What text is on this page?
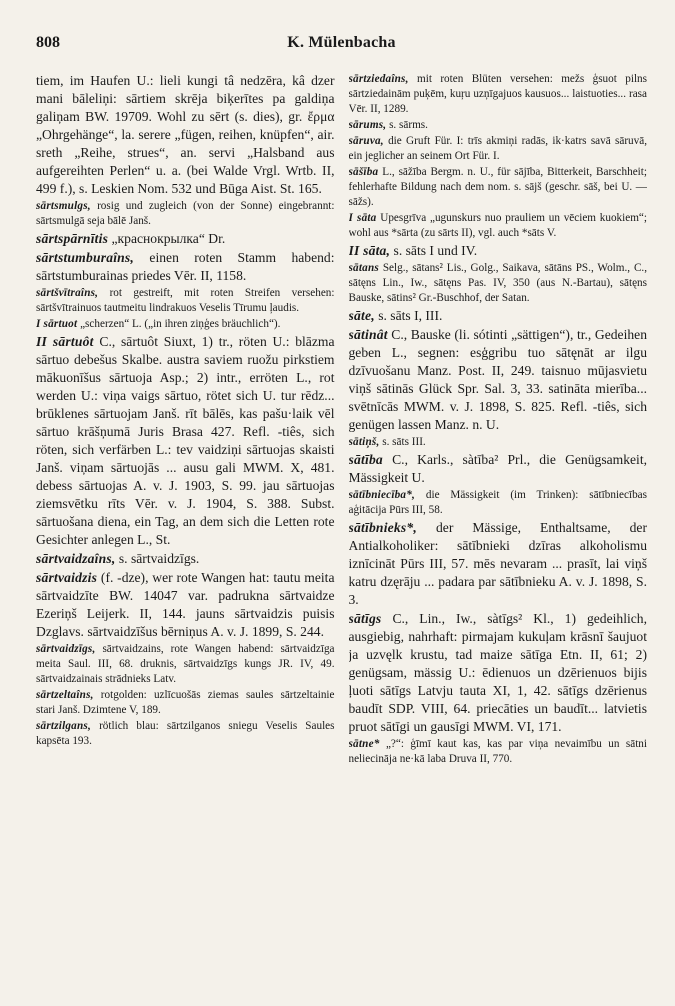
808	K. Mülenbacha

tiem, im Haufen U.: lieli kungi tâ nedzēra, kâ dzer mani bāleliņi: sārtiem skrēja biķerītes pa galdiņa galiņam BW. 19709. Wohl zu sērt (s. dies), gr. ἔρμα „Ohrgehänge“, la. serere „fügen, reihen, knüpfen“, air. sreth „Reihe, strues“, an. servi „Halsband aus aufgereihten Perlen“ u. a. (bei Walde Vrgl. Wrtb. II, 499 f.), s. Leskien Nom. 532 und Būga Aist. St. 165.

sārtsmulgs, rosig und zugleich (von der Sonne) eingebrannt: sārtsmulgā seja bālē Janš.

sārtspārnītis „краснокрылка“ Dr.

sārtstumburaîns, einen roten Stamm habend: sārtstumburainas priedes Vēr. II, 1158.

sārtšvītraîns, rot gestreift, mit roten Streifen versehen: sārtšvītrainuos tautmeitu lindrakuos Veselis Tīrumu ļaudis.

I sārtuot „scherzen“ L. („in ihren ziņģes bräuchlich“).

II sārtuôt C., sārtuôt Siuxt, 1) tr., röten U.: blāzma sārtuo debešus Skalbe. austra saviem ruožu pirkstiem mākuonīšus sārtuoja Asp.; 2) intr., erröten L., rot werden U.: viņa vaigs sārtuo, rötet sich U. tur rēdz... brūklenes sārtuojam Janš. rīt bālēs, kas pašu·laik vēl sārtuo krāšņumā Juris Brasa 427. Refl. -tiês, sich röten, sich verfärben L.: tev vaidziņi sārtuojas skaisti Janš. viņam sārtuojās ... ausu gali MWM. X, 481. debess sārtuojas A. v. J. 1903, S. 99. jau sārtuojas ziemsvētku rīts Vēr. v. J. 1904, S. 388. Subst. sārtuošana diena, ein Tag, an dem sich die Letten rote Gesichter anlegen L., St.

sārtvaidzaîns, s. sārtvaidzīgs.

sārtvaidzis (f. -dze), wer rote Wangen hat: tautu meita sārtvaidzīte BW. 14047 var. padrukna sārtvaidze Ezeriņš Leijerk. II, 144. jauns sārtvaidzis puisis Dzglavs. sārtvaidzīšus bērniņus A. v. J. 1899, S. 244.

sārtvaidzīgs, sārtvaidzains, rote Wangen habend: sārtvaidzīga meita Saul. III, 68. druknis, sārtvaidzīgs kungs JR. IV, 49. sārtvaidzainais strādnieks Latv.

sārtzeltaîns, rotgolden: uzlīcuošās ziemas saules sārtzeltainie stari Janš. Dzimtene V, 189.

sārtzilgans, rötlich blau: sārtzilganos sniegu Veselis Saules kapsēta 193.

sārtziedaîns, mit roten Blüten versehen: mežs ģsuot pilns sārtziedainām puķēm, kuŗu uzņīgajuos kausuos... laistuoties... rasa Vēr. II, 1289.

sārums, s. sārms.

sāruva, die Gruft Für. I: trīs akmiņi radās, ik·katrs savā sāruvā, ein jeglicher an seinem Ort Für. I.

sāšība L., sāžība Bergm. n. U., für sājība, Bitterkeit, Barschheit; fehlerhafte Bildung nach dem nom. s. sājš (geschr. sāš, bei U. — sāžs).

I sāta Upesgrīva „ugunskurs nuo prauliem un vēciem kuokiem“; wohl aus *sārta (zu sārts II), vgl. auch *sāts V.

II sāta, s. sāts I und IV.

sātans Selg., sātans² Lis., Golg., Saikava, sātāns PS., Wolm., C., sātęns Lin., Iw., sātęns Pas. IV, 350 (aus N.-Bartau), sātęns Bauske, sātins² Gr.-Buschhof, der Satan.

sāte, s. sāts I, III.

sātinât C., Bauske (li. sótinti „sättigen“), tr., Gedeihen geben L., segnen: esģgribu tuo sātęnāt ar ilgu dzīvuošanu Manz. Post. II, 249. taisnuo mūjasvietu viņš sātinās Glück Spr. Sal. 3, 33. satināta mierība... svētnīcās MWM. v. J. 1898, S. 825. Refl. -tiês, sich genügen lassen Manz. n. U.

sātiņš, s. sāts III.

sātība C., Karls., sàtība² Prl., die Genügsamkeit, Mässigkeit U.

sātībniecība*, die Mässigkeit (im Trinken): sātībniecības aģitācija Pūrs III, 58.

sātībnieks*, der Mässige, Enthaltsame, der Antialkoholiker: sātībnieki dzīras alkoholismu iznīcināt Pūrs III, 57. mēs nevaram ... prasīt, lai viņš katru dzęrāju ... padara par sātībnieku A. v. J. 1898, S. 3.

sātīgs C., Lin., Iw., sàtīgs² Kl., 1) gedeihlich, ausgiebig, nahrhaft: pirmajam kukuļam krāsnī šaujuot ja uzvęlk krustu, tad maize sātīga Etn. II, 61; 2) genügsam, mässig U.: ēdienuos un dzērienuos bijis ļuoti sātīgs Latvju tauta XI, 1, 42. sātīgs dzērienus baudīt SDP. VIII, 64. priecāties un baudīt... latvietis pruot sātīgi un gausīgi MWM. VI, 171.

sātne* „?“: ģīmī kaut kas, kas par viņa nevaimību un sātni neliecināja ne·kā laba Druva II, 770.
